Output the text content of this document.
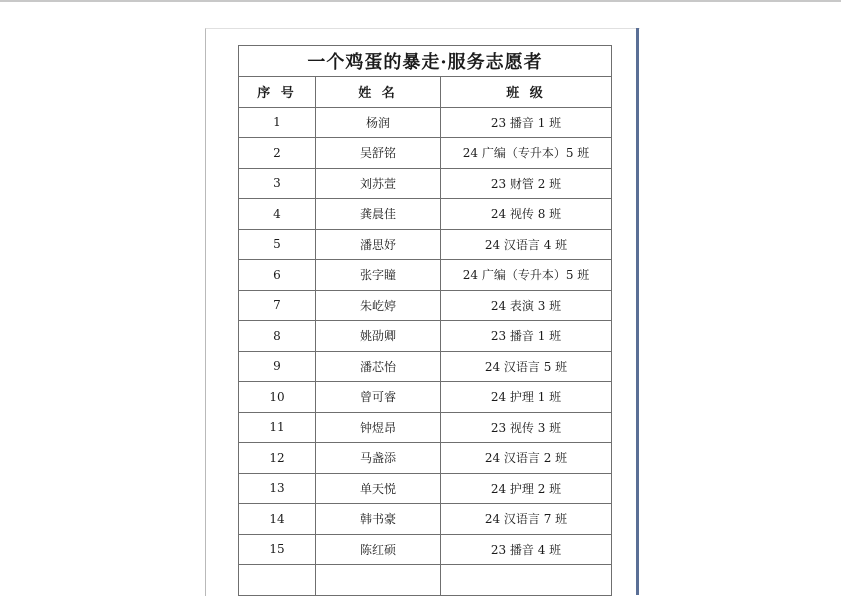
一个鸡蛋的暴走·服务志愿者		
序 号	姓 名	班 级
1	杨润	23 播音 1 班
2	吴舒铭	24 广编（专升本）5 班
3	刘苏萱	23 财管 2 班
4	龚晨佳	24 视传 8 班
5	潘思妤	24 汉语言 4 班
6	张字瞳	24 广编（专升本）5 班
7	朱屹婷	24 表演 3 班
8	姚劭卿	23 播音 1 班
9	潘芯怡	24 汉语言 5 班
10	曾可睿	24 护理 1 班
11	钟煜昂	23 视传 3 班
12	马盏添	24 汉语言 2 班
13	单天悦	24 护理 2 班
14	韩书豪	24 汉语言 7 班
15	陈红硕	23 播音 4 班
